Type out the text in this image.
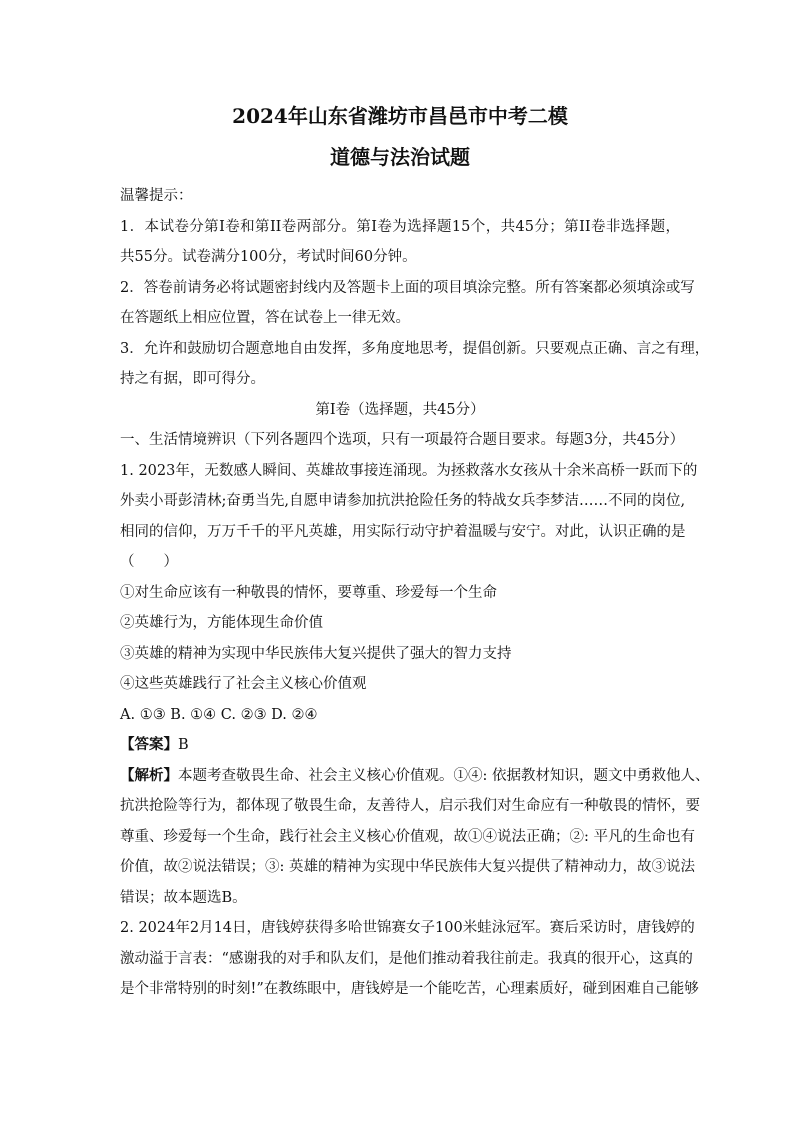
2024年山东省潍坊市昌邑市中考二模
道德与法治试题

温馨提示：

1．本试卷分第I卷和第II卷两部分。第I卷为选择题15个，共45分；第II卷非选择题，

共55分。试卷满分100分，考试时间60分钟。

2．答卷前请务必将试题密封线内及答题卡上面的项目填涂完整。所有答案都必须填涂或写

在答题纸上相应位置，答在试卷上一律无效。

3．允许和鼓励切合题意地自由发挥，多角度地思考，提倡创新。只要观点正确、言之有理，

持之有据，即可得分。

第I卷（选择题，共45分）

一、生活情境辨识（下列各题四个选项，只有一项最符合题目要求。每题3分，共45分）

1. 2023年，无数感人瞬间、英雄故事接连涌现。为拯救落水女孩从十余米高桥一跃而下的

外卖小哥彭清林;奋勇当先,自愿申请参加抗洪抢险任务的特战女兵李梦洁……不同的岗位,

相同的信仰，万万千千的平凡英雄，用实际行动守护着温暖与安宁。对此，认识正确的是

（　　）

①对生命应该有一种敬畏的情怀，要尊重、珍爱每一个生命

②英雄行为，方能体现生命价值

③英雄的精神为实现中华民族伟大复兴提供了强大的智力支持

④这些英雄践行了社会主义核心价值观

A. ①③ B. ①④ C. ②③ D. ②④

【答案】B

【解析】本题考查敬畏生命、社会主义核心价值观。①④: 依据教材知识，题文中勇救他人、

抗洪抢险等行为，都体现了敬畏生命，友善待人，启示我们对生命应有一种敬畏的情怀，要

尊重、珍爱每一个生命，践行社会主义核心价值观，故①④说法正确；②: 平凡的生命也有

价值，故②说法错误；③: 英雄的精神为实现中华民族伟大复兴提供了精神动力，故③说法

错误；故本题选B。

2. 2024年2月14日，唐钱婷获得多哈世锦赛女子100米蛙泳冠军。赛后采访时，唐钱婷的

激动溢于言表：“感谢我的对手和队友们，是他们推动着我往前走。我真的很开心，这真的

是个非常特别的时刻!”在教练眼中，唐钱婷是一个能吃苦，心理素质好，碰到困难自己能够
